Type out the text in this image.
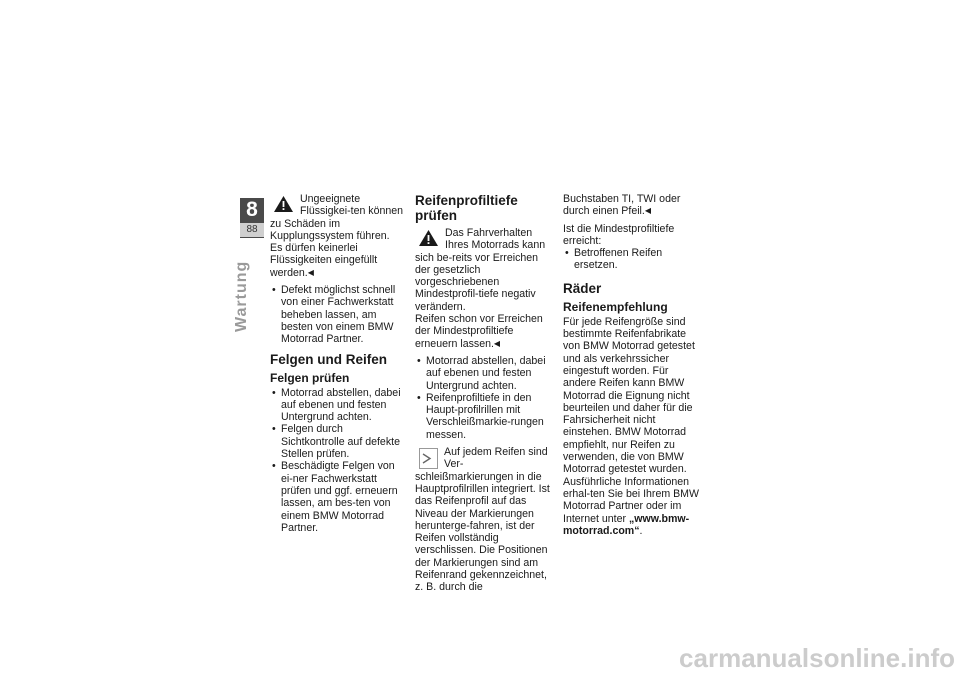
8
88
Wartung

Ungeeignete Flüssigkei-ten können zu Schäden im Kupplungssystem führen.

Es dürfen keinerlei Flüssigkeiten eingefüllt werden.◀

• Defekt möglichst schnell von einer Fachwerkstatt beheben lassen, am besten von einem BMW Motorrad Partner.
Felgen und Reifen
Felgen prüfen
• Motorrad abstellen, dabei auf ebenen und festen Untergrund achten.
• Felgen durch Sichtkontrolle auf defekte Stellen prüfen.
• Beschädigte Felgen von ei-ner Fachwerkstatt prüfen und ggf. erneuern lassen, am bes-ten von einem BMW Motorrad Partner.
Reifenprofiltiefe prüfen

Das Fahrverhalten Ihres Motorrads kann sich be-reits vor Erreichen der gesetzlich vorgeschriebenen Mindestprofil-tiefe negativ verändern.

Reifen schon vor Erreichen der Mindestprofiltiefe erneuern lassen.◀

• Motorrad abstellen, dabei auf ebenen und festen Untergrund achten.
• Reifenprofiltiefe in den Haupt-profilrillen mit Verschleißmarkie-rungen messen.

Auf jedem Reifen sind Ver-schleißmarkierungen in die Hauptprofilrillen integriert. Ist das Reifenprofil auf das Niveau der Markierungen herunterge-fahren, ist der Reifen vollständig verschlissen. Die Positionen der Markierungen sind am Reifenrand gekennzeichnet, z. B. durch die

Buchstaben TI, TWI oder durch einen Pfeil.◀

Ist die Mindestprofiltiefe erreicht:

• Betroffenen Reifen ersetzen.
Räder
Reifenempfehlung

Für jede Reifengröße sind bestimmte Reifenfabrikate von BMW Motorrad getestet und als verkehrssicher eingestuft worden. Für andere Reifen kann BMW Motorrad die Eignung nicht beurteilen und daher für die Fahrsicherheit nicht einstehen. BMW Motorrad empfiehlt, nur Reifen zu verwenden, die von BMW Motorrad getestet wurden. Ausführliche Informationen erhal-ten Sie bei Ihrem BMW Motorrad Partner oder im Internet unter „www.bmw-motorrad.com“.

carmanualsonline.info
